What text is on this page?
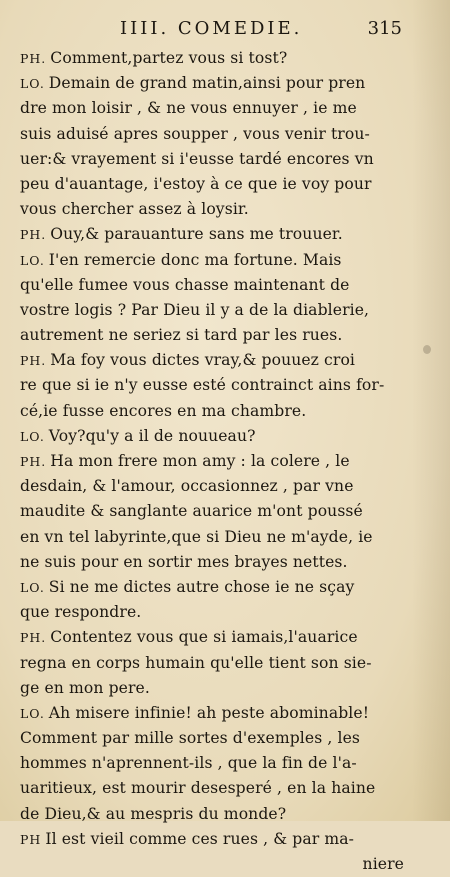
IIII. COMEDIE.	315
PH. Comment,partez vous si tost?
LO. Demain de grand matin,ainsi pour pren
dre mon loisir , & ne vous ennuyer , ie me
suis aduisé apres soupper , vous venir trou-
uer:& vrayement si i'eusse tardé encores vn
peu d'auantage, i'estoy à ce que ie voy pour
vous chercher assez à loysir.
PH. Ouy,& parauanture sans me trouuer.
LO. I'en remercie donc ma fortune. Mais
qu'elle fumee vous chasse maintenant de
vostre logis ? Par Dieu il y a de la diablerie,
autrement ne seriez si tard par les rues.
PH. Ma foy vous dictes vray,& pouuez croi
re que si ie n'y eusse esté contrainct ains for-
cé,ie fusse encores en ma chambre.
LO. Voy?qu'y a il de nouueau?
PH. Ha mon frere mon amy : la colere , le
desdain, & l'amour, occasionnez , par vne
maudite & sanglante auarice m'ont poussé
en vn tel labyrinte,que si Dieu ne m'ayde, ie
ne suis pour en sortir mes brayes nettes.
LO. Si ne me dictes autre chose ie ne sçay
que respondre.
PH. Contentez vous que si iamais,l'auarice
regna en corps humain qu'elle tient son sie-
ge en mon pere.
LO. Ah misere infinie! ah peste abominable!
Comment par mille sortes d'exemples , les
hommes n'aprennent-ils , que la fin de l'a-
uaritieux, est mourir desesperé , en la haine
de Dieu,& au mespris du monde?
PH Il est vieil comme ces rues , & par ma-
niere
